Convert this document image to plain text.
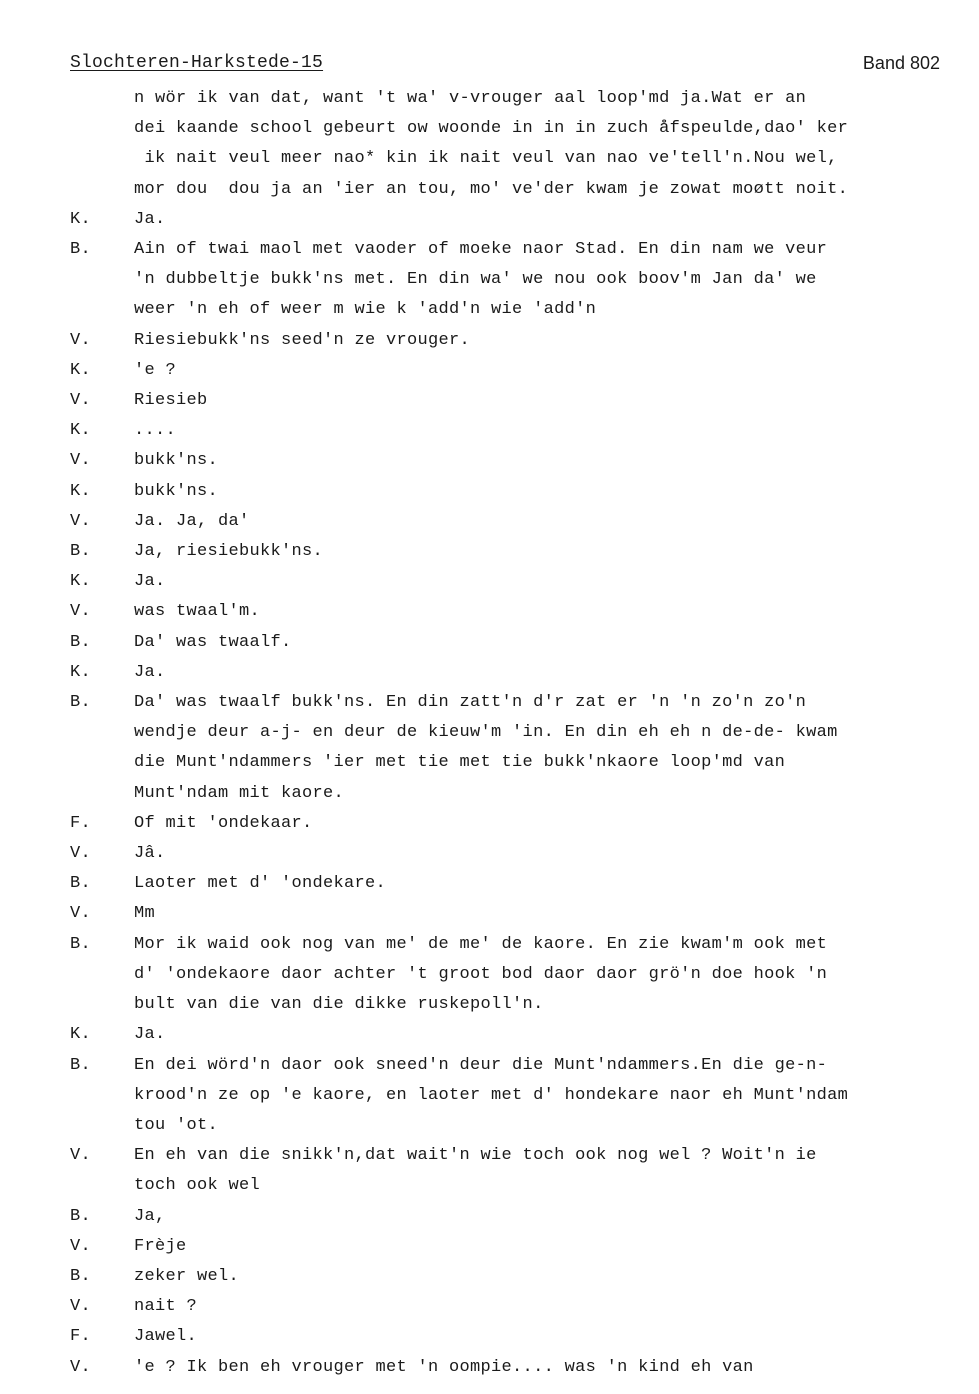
Slochteren-Harkstede-15	Band 802
n wör ik van dat, want 't wa' v-vrouger aal loop'md ja.Wat er an
dei kaande school gebeurt ow woonde in in in zuch åfspeulde,dao' ker
ik nait veul meer nao* kin ik nait veul van nao ve'tell'n.Nou wel,
mor dou  dou ja an 'ier an tou, mo' ve'der kwam je zowat moøtt noit.
K.	Ja.
B.	Ain of twai maol met vaoder of moeke naor Stad. En din nam we veur
'n dubbeltje bukk'ns met. En din wa' we nou ook boov'm Jan da' we
weer 'n eh of weer m wie k 'add'n wie 'add'n
V.	Riesiebukk'ns seed'n ze vrouger.
K.	'e ?
V.	Riesieb
K.	....
V.	bukk'ns.
K.	bukk'ns.
V.	Ja. Ja, da'
B.	Ja, riesiebukk'ns.
K.	Ja.
V.	was twaal'm.
B.	Da' was twaalf.
K.	Ja.
B.	Da' was twaalf bukk'ns. En din zatt'n d'r zat er 'n 'n zo'n zo'n
wendje deur a-j- en deur de kieuw'm 'in. En din eh eh n de-de- kwam
die Munt'ndammers 'ier met tie met tie bukk'nkaore loop'md van
Munt'ndam mit kaore.
F.	Of mit 'ondekaar.
V.	Jâ.
B.	Laoter met d' 'ondekare.
V.	Mm
B.	Mor ik waid ook nog van me' de me' de kaore. En zie kwam'm ook met
d' 'ondekaore daor achter 't groot bod daor daor grö'n doe hook 'n
bult van die van die dikke ruskepoll'n.
K.	Ja.
B.	En dei wörd'n daor ook sneed'n deur die Munt'ndammers.En die ge-n-
krood'n ze op 'e kaore, en laoter met d' hondekare naor eh Munt'ndam
tou 'ot.
V.	En eh van die snikk'n,dat wait'n wie toch ook nog wel ? Woit'n ie
toch ook wel
B.	Ja,
V.	Frèje
B.	zeker wel.
V.	nait ?
F.	Jawel.
V.	'e ? Ik ben eh vrouger met 'n oompie.... was 'n kind eh van
